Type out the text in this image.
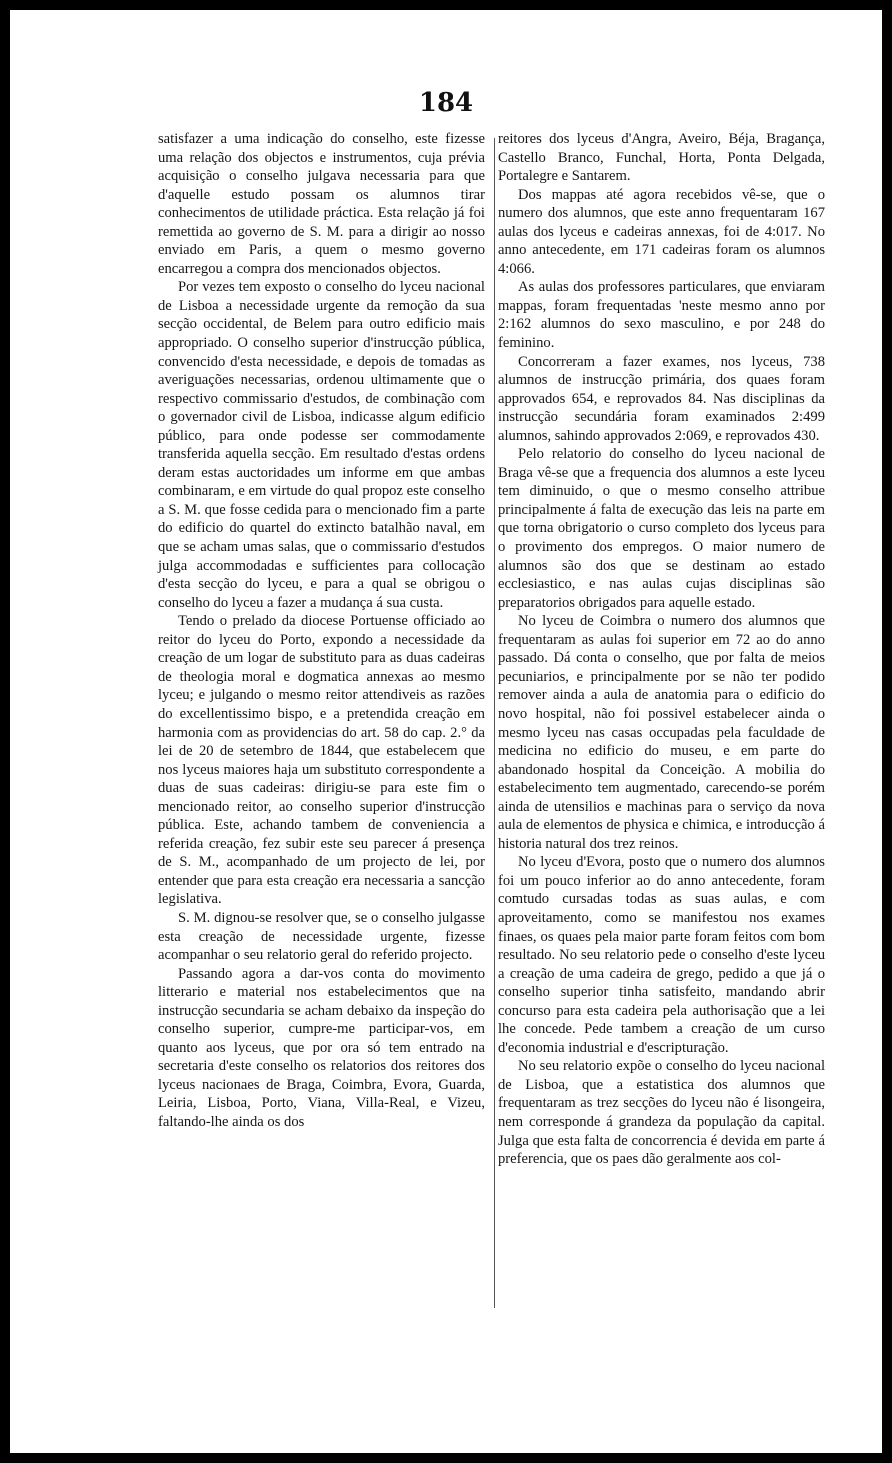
184

satisfazer a uma indicação do conselho, este fizesse uma relação dos objectos e instrumentos, cuja prévia acquisição o conselho julgava necessaria para que d'aquelle estudo possam os alumnos tirar conhecimentos de utilidade práctica. Esta relação já foi remettida ao governo de S. M. para a dirigir ao nosso enviado em Paris, a quem o mesmo governo encarregou a compra dos mencionados objectos.

Por vezes tem exposto o conselho do lyceu nacional de Lisboa a necessidade urgente da remoção da sua secção occidental, de Belem para outro edificio mais appropriado. O conselho superior d'instrucção pública, convencido d'esta necessidade, e depois de tomadas as averiguações necessarias, ordenou ultimamente que o respectivo commissario d'estudos, de combinação com o governador civil de Lisboa, indicasse algum edificio público, para onde podesse ser commodamente transferida aquella secção. Em resultado d'estas ordens deram estas auctoridades um informe em que ambas combinaram, e em virtude do qual propoz este conselho a S. M. que fosse cedida para o mencionado fim a parte do edificio do quartel do extincto batalhão naval, em que se acham umas salas, que o commissario d'estudos julga accommodadas e sufficientes para collocação d'esta secção do lyceu, e para a qual se obrigou o conselho do lyceu a fazer a mudança á sua custa.

Tendo o prelado da diocese Portuense officiado ao reitor do lyceu do Porto, expondo a necessidade da creação de um logar de substituto para as duas cadeiras de theologia moral e dogmatica annexas ao mesmo lyceu; e julgando o mesmo reitor attendiveis as razões do excellentissimo bispo, e a pretendida creação em harmonia com as providencias do art. 58 do cap. 2.° da lei de 20 de setembro de 1844, que estabelecem que nos lyceus maiores haja um substituto correspondente a duas de suas cadeiras: dirigiu-se para este fim o mencionado reitor, ao conselho superior d'instrucção pública. Este, achando tambem de conveniencia a referida creação, fez subir este seu parecer á presença de S. M., acompanhado de um projecto de lei, por entender que para esta creação era necessaria a sancção legislativa.

S. M. dignou-se resolver que, se o conselho julgasse esta creação de necessidade urgente, fizesse acompanhar o seu relatorio geral do referido projecto.

Passando agora a dar-vos conta do movimento litterario e material nos estabelecimentos que na instrucção secundaria se acham debaixo da inspeção do conselho superior, cumpre-me participar-vos, em quanto aos lyceus, que por ora só tem entrado na secretaria d'este conselho os relatorios dos reitores dos lyceus nacionaes de Braga, Coimbra, Evora, Guarda, Leiria, Lisboa, Porto, Viana, Villa-Real, e Vizeu, faltando-lhe ainda os dos

reitores dos lyceus d'Angra, Aveiro, Béja, Bragança, Castello Branco, Funchal, Horta, Ponta Delgada, Portalegre e Santarem.

Dos mappas até agora recebidos vê-se, que o numero dos alumnos, que este anno frequentaram 167 aulas dos lyceus e cadeiras annexas, foi de 4:017. No anno antecedente, em 171 cadeiras foram os alumnos 4:066.

As aulas dos professores particulares, que enviaram mappas, foram frequentadas 'neste mesmo anno por 2:162 alumnos do sexo masculino, e por 248 do feminino.

Concorreram a fazer exames, nos lyceus, 738 alumnos de instrucção primária, dos quaes foram approvados 654, e reprovados 84. Nas disciplinas da instrucção secundária foram examinados 2:499 alumnos, sahindo approvados 2:069, e reprovados 430.

Pelo relatorio do conselho do lyceu nacional de Braga vê-se que a frequencia dos alumnos a este lyceu tem diminuido, o que o mesmo conselho attribue principalmente á falta de execução das leis na parte em que torna obrigatorio o curso completo dos lyceus para o provimento dos empregos. O maior numero de alumnos são dos que se destinam ao estado ecclesiastico, e nas aulas cujas disciplinas são preparatorios obrigados para aquelle estado.

No lyceu de Coimbra o numero dos alumnos que frequentaram as aulas foi superior em 72 ao do anno passado. Dá conta o conselho, que por falta de meios pecuniarios, e principalmente por se não ter podido remover ainda a aula de anatomia para o edificio do novo hospital, não foi possivel estabelecer ainda o mesmo lyceu nas casas occupadas pela faculdade de medicina no edificio do museu, e em parte do abandonado hospital da Conceição. A mobilia do estabelecimento tem augmentado, carecendo-se porém ainda de utensilios e machinas para o serviço da nova aula de elementos de physica e chimica, e introducção á historia natural dos trez reinos.

No lyceu d'Evora, posto que o numero dos alumnos foi um pouco inferior ao do anno antecedente, foram comtudo cursadas todas as suas aulas, e com aproveitamento, como se manifestou nos exames finaes, os quaes pela maior parte foram feitos com bom resultado. No seu relatorio pede o conselho d'este lyceu a creação de uma cadeira de grego, pedido a que já o conselho superior tinha satisfeito, mandando abrir concurso para esta cadeira pela authorisação que a lei lhe concede. Pede tambem a creação de um curso d'economia industrial e d'escripturação.

No seu relatorio expõe o conselho do lyceu nacional de Lisboa, que a estatistica dos alumnos que frequentaram as trez secções do lyceu não é lisongeira, nem corresponde á grandeza da população da capital. Julga que esta falta de concorrencia é devida em parte á preferencia, que os paes dão geralmente aos col-
